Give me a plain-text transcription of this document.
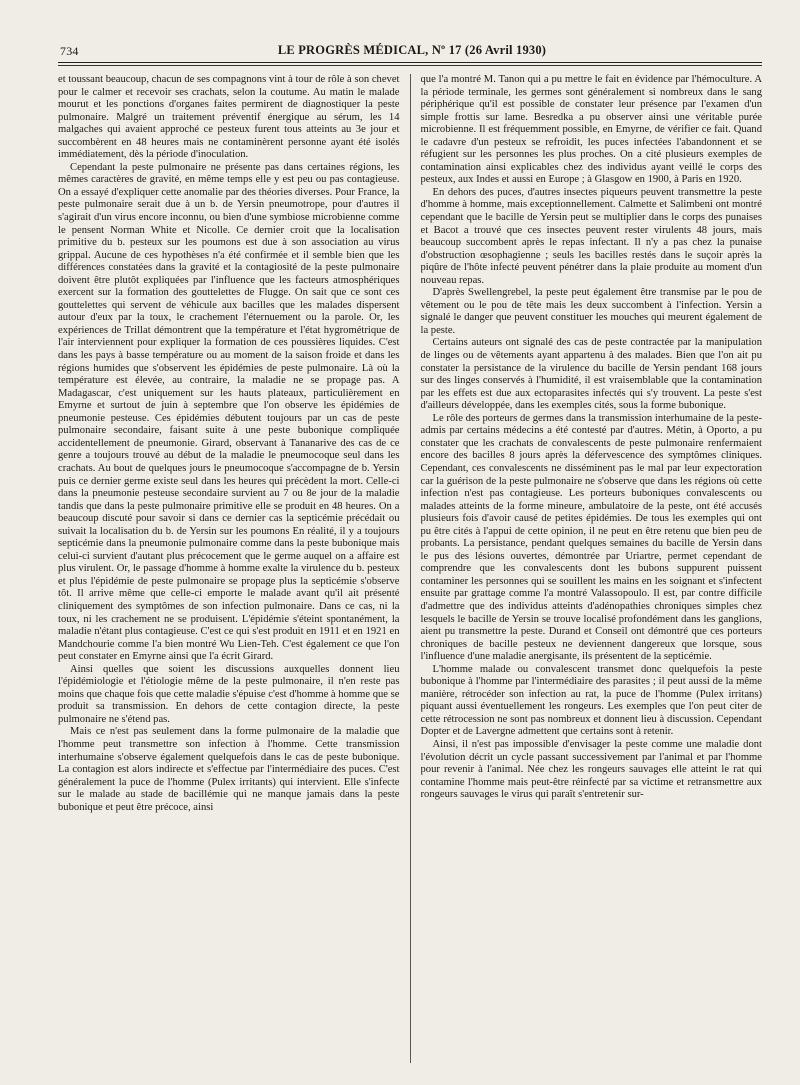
734	LE PROGRÈS MÉDICAL, Nº 17 (26 Avril 1930)

et toussant beaucoup, chacun de ses compagnons vint à tour de rôle à son chevet pour le calmer et recevoir ses crachats, selon la coutume. Au matin le malade mourut et les ponctions d'organes faites permirent de diagnostiquer la peste pulmonaire. Malgré un traitement préventif énergique au sérum, les 14 malgaches qui avaient approché ce pesteux furent tous atteints au 3e jour et succombèrent en 48 heures mais ne contaminèrent personne ayant été isolés immédiatement, dès la période d'inoculation.

Cependant la peste pulmonaire ne présente pas dans certaines régions, les mêmes caractères de gravité, en même temps elle y est peu ou pas contagieuse. On a essayé d'expliquer cette anomalie par des théories diverses. Pour France, la peste pulmonaire serait due à un b. de Yersin pneumotrope, pour d'autres il s'agirait d'un virus encore inconnu, ou bien d'une symbiose microbienne comme le pensent Norman White et Nicolle. Ce dernier croit que la localisation primitive du b. pesteux sur les poumons est due à son association au virus grippal. Aucune de ces hypothèses n'a été confirmée et il semble bien que les différences constatées dans la gravité et la contagiosité de la peste pulmonaire doivent être plutôt expliquées par l'influence que les facteurs atmosphériques exercent sur la formation des gouttelettes de Flugge. On sait que ce sont ces gouttelettes qui servent de véhicule aux bacilles que les malades dispersent autour d'eux par la toux, le crachement l'éternuement ou la parole. Or, les expériences de Trillat démontrent que la température et l'état hygrométrique de l'air interviennent pour expliquer la formation de ces poussières liquides. C'est dans les pays à basse température ou au moment de la saison froide et dans les régions humides que s'observent les épidémies de peste pulmonaire. Là où la température est élevée, au contraire, la maladie ne se propage pas. A Madagascar, c'est uniquement sur les hauts plateaux, particulièrement en Emyrne et surtout de juin à septembre que l'on observe les épidémies de pneumonie pesteuse. Ces épidémies débutent toujours par un cas de peste pulmonaire secondaire, faisant suite à une peste bubonique compliquée accidentellement de pneumonie. Girard, observant à Tananarive des cas de ce genre a toujours trouvé au début de la maladie le pneumocoque seul dans les crachats. Au bout de quelques jours le pneumocoque s'accompagne de b. Yersin puis ce dernier germe existe seul dans les heures qui précèdent la mort. Celle-ci dans la pneumonie pesteuse secondaire survient au 7 ou 8e jour de la maladie tandis que dans la peste pulmonaire primitive elle se produit en 48 heures. On a beaucoup discuté pour savoir si dans ce dernier cas la septicémie précédait ou suivait la localisation du b. de Yersin sur les poumons En réalité, il y a toujours septicémie dans la pneumonie pulmonaire comme dans la peste bubonique mais celui-ci survient d'autant plus précocement que le germe auquel on a affaire est plus virulent. Or, le passage d'homme à homme exalte la virulence du b. pesteux et plus l'épidémie de peste pulmonaire se propage plus la septicémie s'observe tôt. Il arrive même que celle-ci emporte le malade avant qu'il ait présenté cliniquement des symptômes de son infection pulmonaire. Dans ce cas, ni la toux, ni les crachement ne se produisent. L'épidémie s'éteint spontanément, la maladie n'étant plus contagieuse. C'est ce qui s'est produit en 1911 et en 1921 en Mandchourie comme l'a bien montré Wu Lien-Teh. C'est également ce que l'on peut constater en Emyrne ainsi que l'a écrit Girard.

Ainsi quelles que soient les discussions auxquelles donnent lieu l'épidémiologie et l'étiologie même de la peste pulmonaire, il n'en reste pas moins que chaque fois que cette maladie s'épuise c'est d'homme à homme que se produit sa transmission. En dehors de cette contagion directe, la peste pulmonaire ne s'étend pas.

Mais ce n'est pas seulement dans la forme pulmonaire de la maladie que l'homme peut transmettre son infection à l'homme. Cette transmission interhumaine s'observe également quelquefois dans le cas de peste bubonique. La contagion est alors indirecte et s'effectue par l'intermédiaire des puces. C'est généralement la puce de l'homme (Pulex irritants) qui intervient. Elle s'infecte sur le malade au stade de bacillémie qui ne manque jamais dans la peste bubonique et peut être précoce, ainsi

que l'a montré M. Tanon qui a pu mettre le fait en évidence par l'hémoculture. A la période terminale, les germes sont généralement si nombreux dans le sang périphérique qu'il est possible de constater leur présence par l'examen d'un simple frottis sur lame. Besredka a pu observer ainsi une véritable purée microbienne. Il est fréquemment possible, en Emyrne, de vérifier ce fait. Quand le cadavre d'un pesteux se refroidit, les puces infectées l'abandonnent et se réfugient sur les personnes les plus proches. On a cité plusieurs exemples de contamination ainsi explicables chez des individus ayant veillé le corps des pesteux, aux Indes et aussi en Europe ; à Glasgow en 1900, à Paris en 1920.

En dehors des puces, d'autres insectes piqueurs peuvent transmettre la peste d'homme à homme, mais exceptionnellement. Calmette et Salimbeni ont montré cependant que le bacille de Yersin peut se multiplier dans le corps des punaises et Bacot a trouvé que ces insectes peuvent rester virulents 48 jours, mais beaucoup succombent après le repas infectant. Il n'y a pas chez la punaise d'obstruction œsophagienne ; seuls les bacilles restés dans le suçoir après la piqûre de l'hôte infecté peuvent pénétrer dans la plaie produite au moment d'un nouveau repas.

D'après Swellengrebel, la peste peut également être transmise par le pou de vêtement ou le pou de tête mais les deux succombent à l'infection. Yersin a signalé le danger que peuvent constituer les mouches qui meurent également de la peste.

Certains auteurs ont signalé des cas de peste contractée par la manipulation de linges ou de vêtements ayant appartenu à des malades. Bien que l'on ait pu constater la persistance de la virulence du bacille de Yersin pendant 168 jours sur des linges conservés à l'humidité, il est vraisemblable que la contamination par les effets est due aux ectoparasites infectés qui s'y trouvent. La peste s'est d'ailleurs développée, dans les exemples cités, sous la forme bubonique.

Le rôle des porteurs de germes dans la transmission interhumaine de la peste-admis par certains médecins a été contesté par d'autres. Métin, à Oporto, a pu constater que les crachats de convalescents de peste pulmonaire renfermaient encore des bacilles 8 jours après la défervescence des symptômes cliniques. Cependant, ces convalescents ne disséminent pas le mal par leur expectoration car la guérison de la peste pulmonaire ne s'observe que dans les régions où cette infection n'est pas contagieuse. Les porteurs buboniques convalescents ou malades atteints de la forme mineure, ambulatoire de la peste, ont été accusés plusieurs fois d'avoir causé de petites épidémies. De tous les exemples qui ont pu être cités à l'appui de cette opinion, il ne peut en être retenu que bien peu de probants. La persistance, pendant quelques semaines du bacille de Yersin dans le pus des lésions ouvertes, démontrée par Uriartre, permet cependant de comprendre que les convalescents dont les bubons suppurent puissent contaminer les personnes qui se souillent les mains en les soignant et s'infectent ensuite par grattage comme l'a montré Valassopoulo. Il est, par contre difficile d'admettre que des individus atteints d'adénopathies chroniques simples chez lesquels le bacille de Yersin se trouve localisé profondément dans les ganglions, aient pu transmettre la peste. Durand et Conseil ont démontré que ces porteurs chroniques de bacille pesteux ne deviennent dangereux que lorsque, sous l'influence d'une maladie anergisante, ils présentent de la septicémie.

L'homme malade ou convalescent transmet donc quelquefois la peste bubonique à l'homme par l'intermédiaire des parasites ; il peut aussi de la même manière, rétrocéder son infection au rat, la puce de l'homme (Pulex irritans) piquant aussi éventuellement les rongeurs. Les exemples que l'on peut citer de cette rétrocession ne sont pas nombreux et donnent lieu à discussion. Cependant Dopter et de Lavergne admettent que certains sont à retenir.

Ainsi, il n'est pas impossible d'envisager la peste comme une maladie dont l'évolution décrit un cycle passant successivement par l'animal et par l'homme pour revenir à l'animal. Née chez les rongeurs sauvages elle atteint le rat qui contamine l'homme mais peut-être réinfecté par sa victime et retransmettre aux rongeurs sauvages le virus qui paraît s'entretenir sur-
